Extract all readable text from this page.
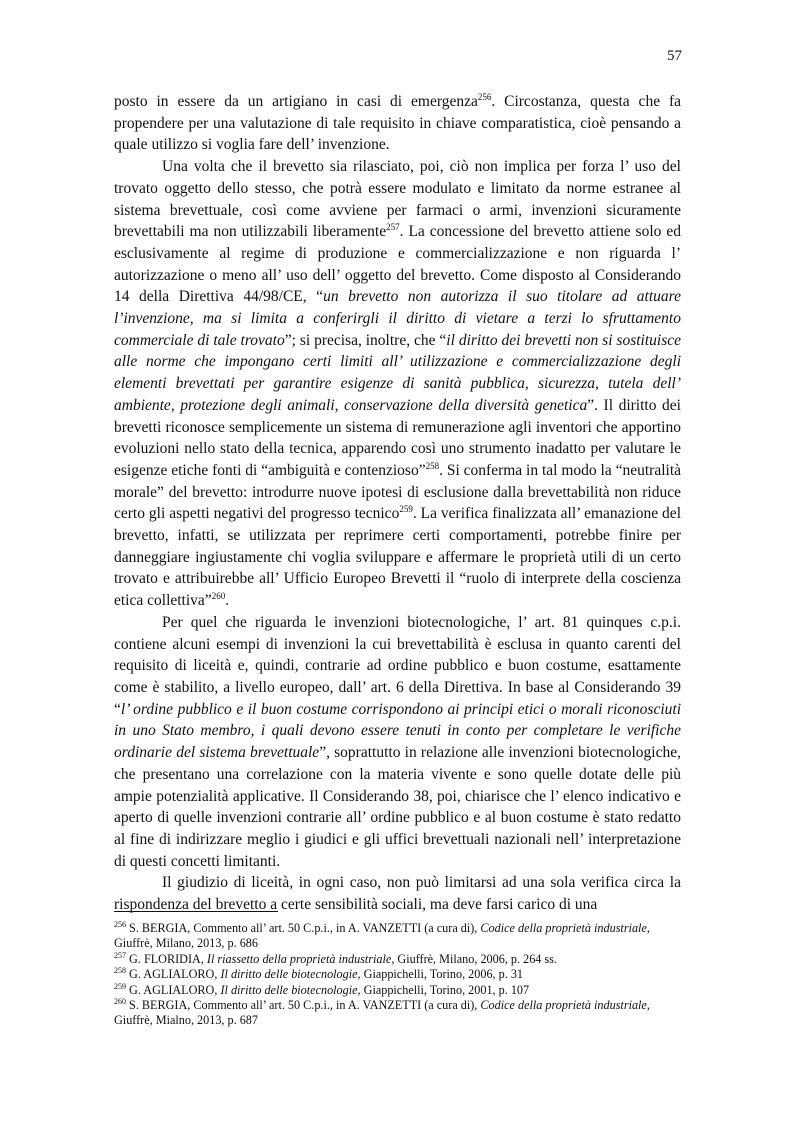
57

posto in essere da un artigiano in casi di emergenza$^{256}$. Circostanza, questa che fa propendere per una valutazione di tale requisito in chiave comparatistica, cioè pensando a quale utilizzo si voglia fare dell’ invenzione.

Una volta che il brevetto sia rilasciato, poi, ciò non implica per forza l’ uso del trovato oggetto dello stesso, che potrà essere modulato e limitato da norme estranee al sistema brevettuale, così come avviene per farmaci o armi, invenzioni sicuramente brevettabili ma non utilizzabili liberamente$^{257}$. La concessione del brevetto attiene solo ed esclusivamente al regime di produzione e commercializzazione e non riguarda l’ autorizzazione o meno all’ uso dell’ oggetto del brevetto. Come disposto al Considerando 14 della Direttiva 44/98/CE, “un brevetto non autorizza il suo titolare ad attuare l’invenzione, ma si limita a conferirgli il diritto di vietare a terzi lo sfruttamento commerciale di tale trovato”; si precisa, inoltre, che “il diritto dei brevetti non si sostituisce alle norme che impongano certi limiti all’ utilizzazione e commercializzazione degli elementi brevettati per garantire esigenze di sanità pubblica, sicurezza, tutela dell’ ambiente, protezione degli animali, conservazione della diversità genetica”. Il diritto dei brevetti riconosce semplicemente un sistema di remunerazione agli inventori che apportino evoluzioni nello stato della tecnica, apparendo così uno strumento inadatto per valutare le esigenze etiche fonti di “ambiguità e contenzioso”$^{258}$. Si conferma in tal modo la “neutralità morale” del brevetto: introdurre nuove ipotesi di esclusione dalla brevettabilità non riduce certo gli aspetti negativi del progresso tecnico$^{259}$. La verifica finalizzata all’ emanazione del brevetto, infatti, se utilizzata per reprimere certi comportamenti, potrebbe finire per danneggiare ingiustamente chi voglia sviluppare e affermare le proprietà utili di un certo trovato e attribuirebbe all’ Ufficio Europeo Brevetti il “ruolo di interprete della coscienza etica collettiva”$^{260}$.

Per quel che riguarda le invenzioni biotecnologiche, l’ art. 81 quinques c.p.i. contiene alcuni esempi di invenzioni la cui brevettabilità è esclusa in quanto carenti del requisito di liceità e, quindi, contrarie ad ordine pubblico e buon costume, esattamente come è stabilito, a livello europeo, dall’ art. 6 della Direttiva. In base al Considerando 39 “l’ ordine pubblico e il buon costume corrispondono ai principi etici o morali riconosciuti in uno Stato membro, i quali devono essere tenuti in conto per completare le verifiche ordinarie del sistema brevettuale”, soprattutto in relazione alle invenzioni biotecnologiche, che presentano una correlazione con la materia vivente e sono quelle dotate delle più ampie potenzialità applicative. Il Considerando 38, poi, chiarisce che l’ elenco indicativo e aperto di quelle invenzioni contrarie all’ ordine pubblico e al buon costume è stato redatto al fine di indirizzare meglio i giudici e gli uffici brevettuali nazionali nell’ interpretazione di questi concetti limitanti.

Il giudizio di liceità, in ogni caso, non può limitarsi ad una sola verifica circa la rispondenza del brevetto a certe sensibilità sociali, ma deve farsi carico di una

$^{256}$ S. BERGIA, Commento all’ art. 50 C.p.i., in A. VANZETTI (a cura di), Codice della proprietà industriale, Giuffrè, Milano, 2013, p. 686

$^{257}$ G. FLORIDIA, Il riassetto della proprietà industriale, Giuffrè, Milano, 2006, p. 264 ss.

$^{258}$ G. AGLIALORO, Il diritto delle biotecnologie, Giappichelli, Torino, 2006, p. 31

$^{259}$ G. AGLIALORO, Il diritto delle biotecnologie, Giappichelli, Torino, 2001, p. 107

$^{260}$ S. BERGIA, Commento all’ art. 50 C.p.i., in A. VANZETTI (a cura di), Codice della proprietà industriale, Giuffrè, Mialno, 2013, p. 687
